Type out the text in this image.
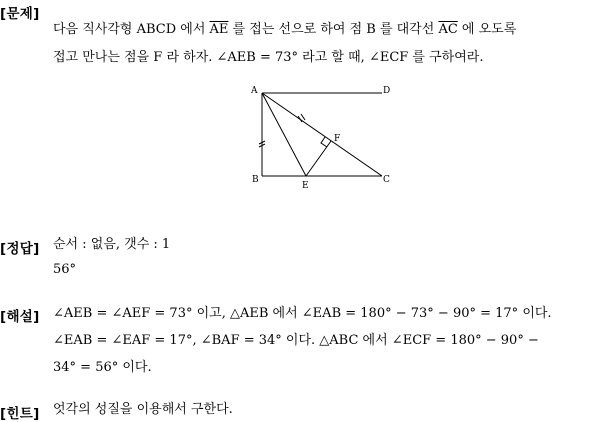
[문제]
다음 직사각형 ABCD 에서 $\overline{AE}$ 를 접는 선으로 하여 점 B 를 대각선 $\overline{AC}$ 에 오도록
접고 만나는 점을 F 라 하자. ∠AEB = 73° 라고 할 때, ∠ECF 를 구하여라.
A
B	C
D
E
F
[정답] 순서 : 없음, 갯수 : 1
56°
[해설] ∠AEB = ∠AEF = 73° 이고, △AEB 에서 ∠EAB = 180° − 73° − 90° = 17° 이다.
∠EAB = ∠EAF = 17°, ∠BAF = 34° 이다. △ABC 에서 ∠ECF = 180° − 90° −
34° = 56° 이다.
[힌트] 엇각의 성질을 이용해서 구한다.
